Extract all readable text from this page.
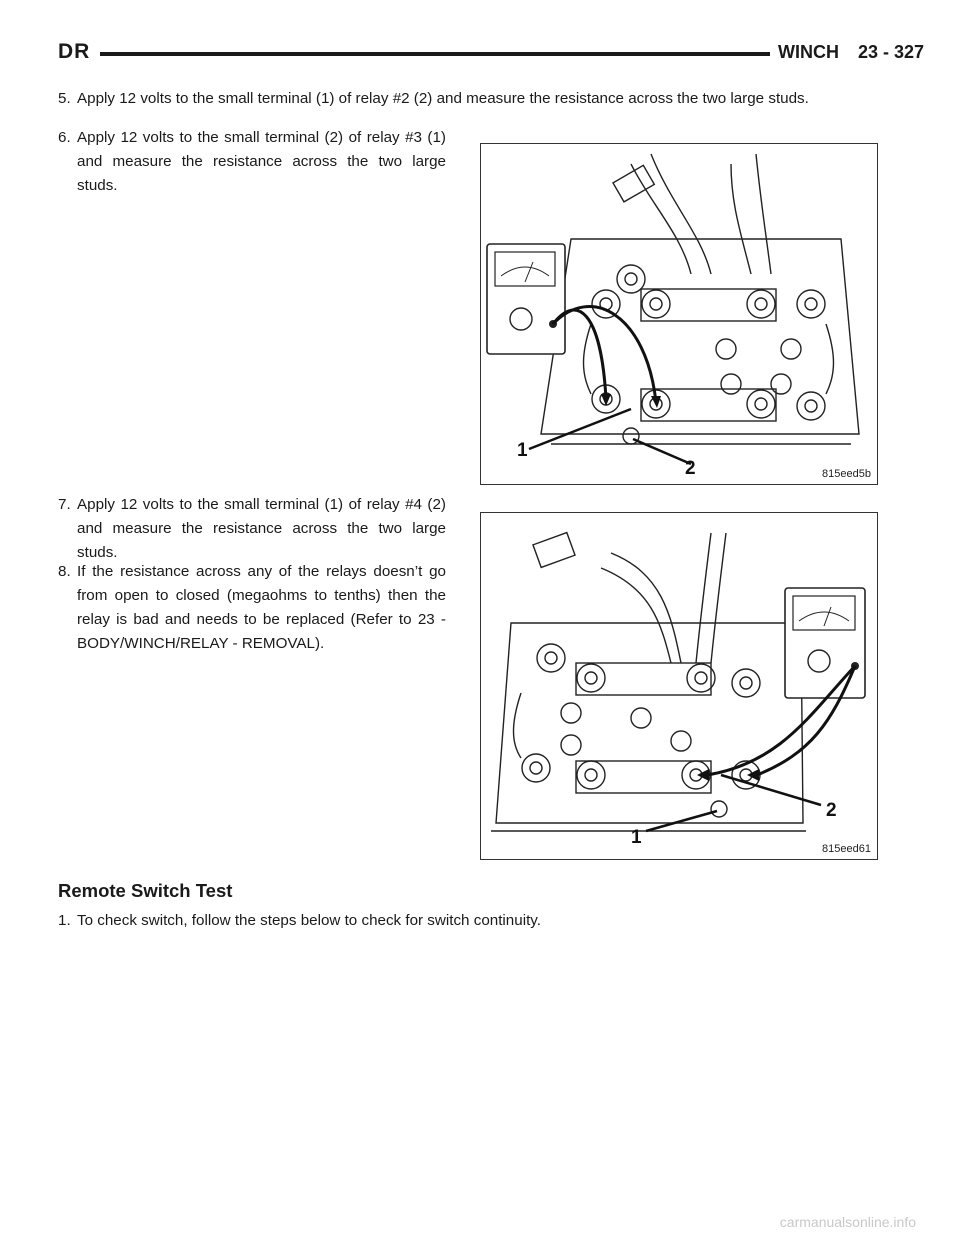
DR	WINCH 23 - 327
5. Apply 12 volts to the small terminal (1) of relay #2 (2) and measure the resistance across the two large studs.
6. Apply 12 volts to the small terminal (2) of relay #3 (1) and measure the resistance across the two large studs.
1
2	815eed5b
7. Apply 12 volts to the small terminal (1) of relay #4 (2) and measure the resistance across the two large studs.
8. If the resistance across any of the relays doesn’t go from open to closed (megaohms to tenths) then the relay is bad and needs to be replaced (Refer to 23 - BODY/WINCH/RELAY - REMOVAL).
2
1
815eed61
Remote Switch Test
1. To check switch, follow the steps below to check for switch continuity.
carmanualsonline.info
